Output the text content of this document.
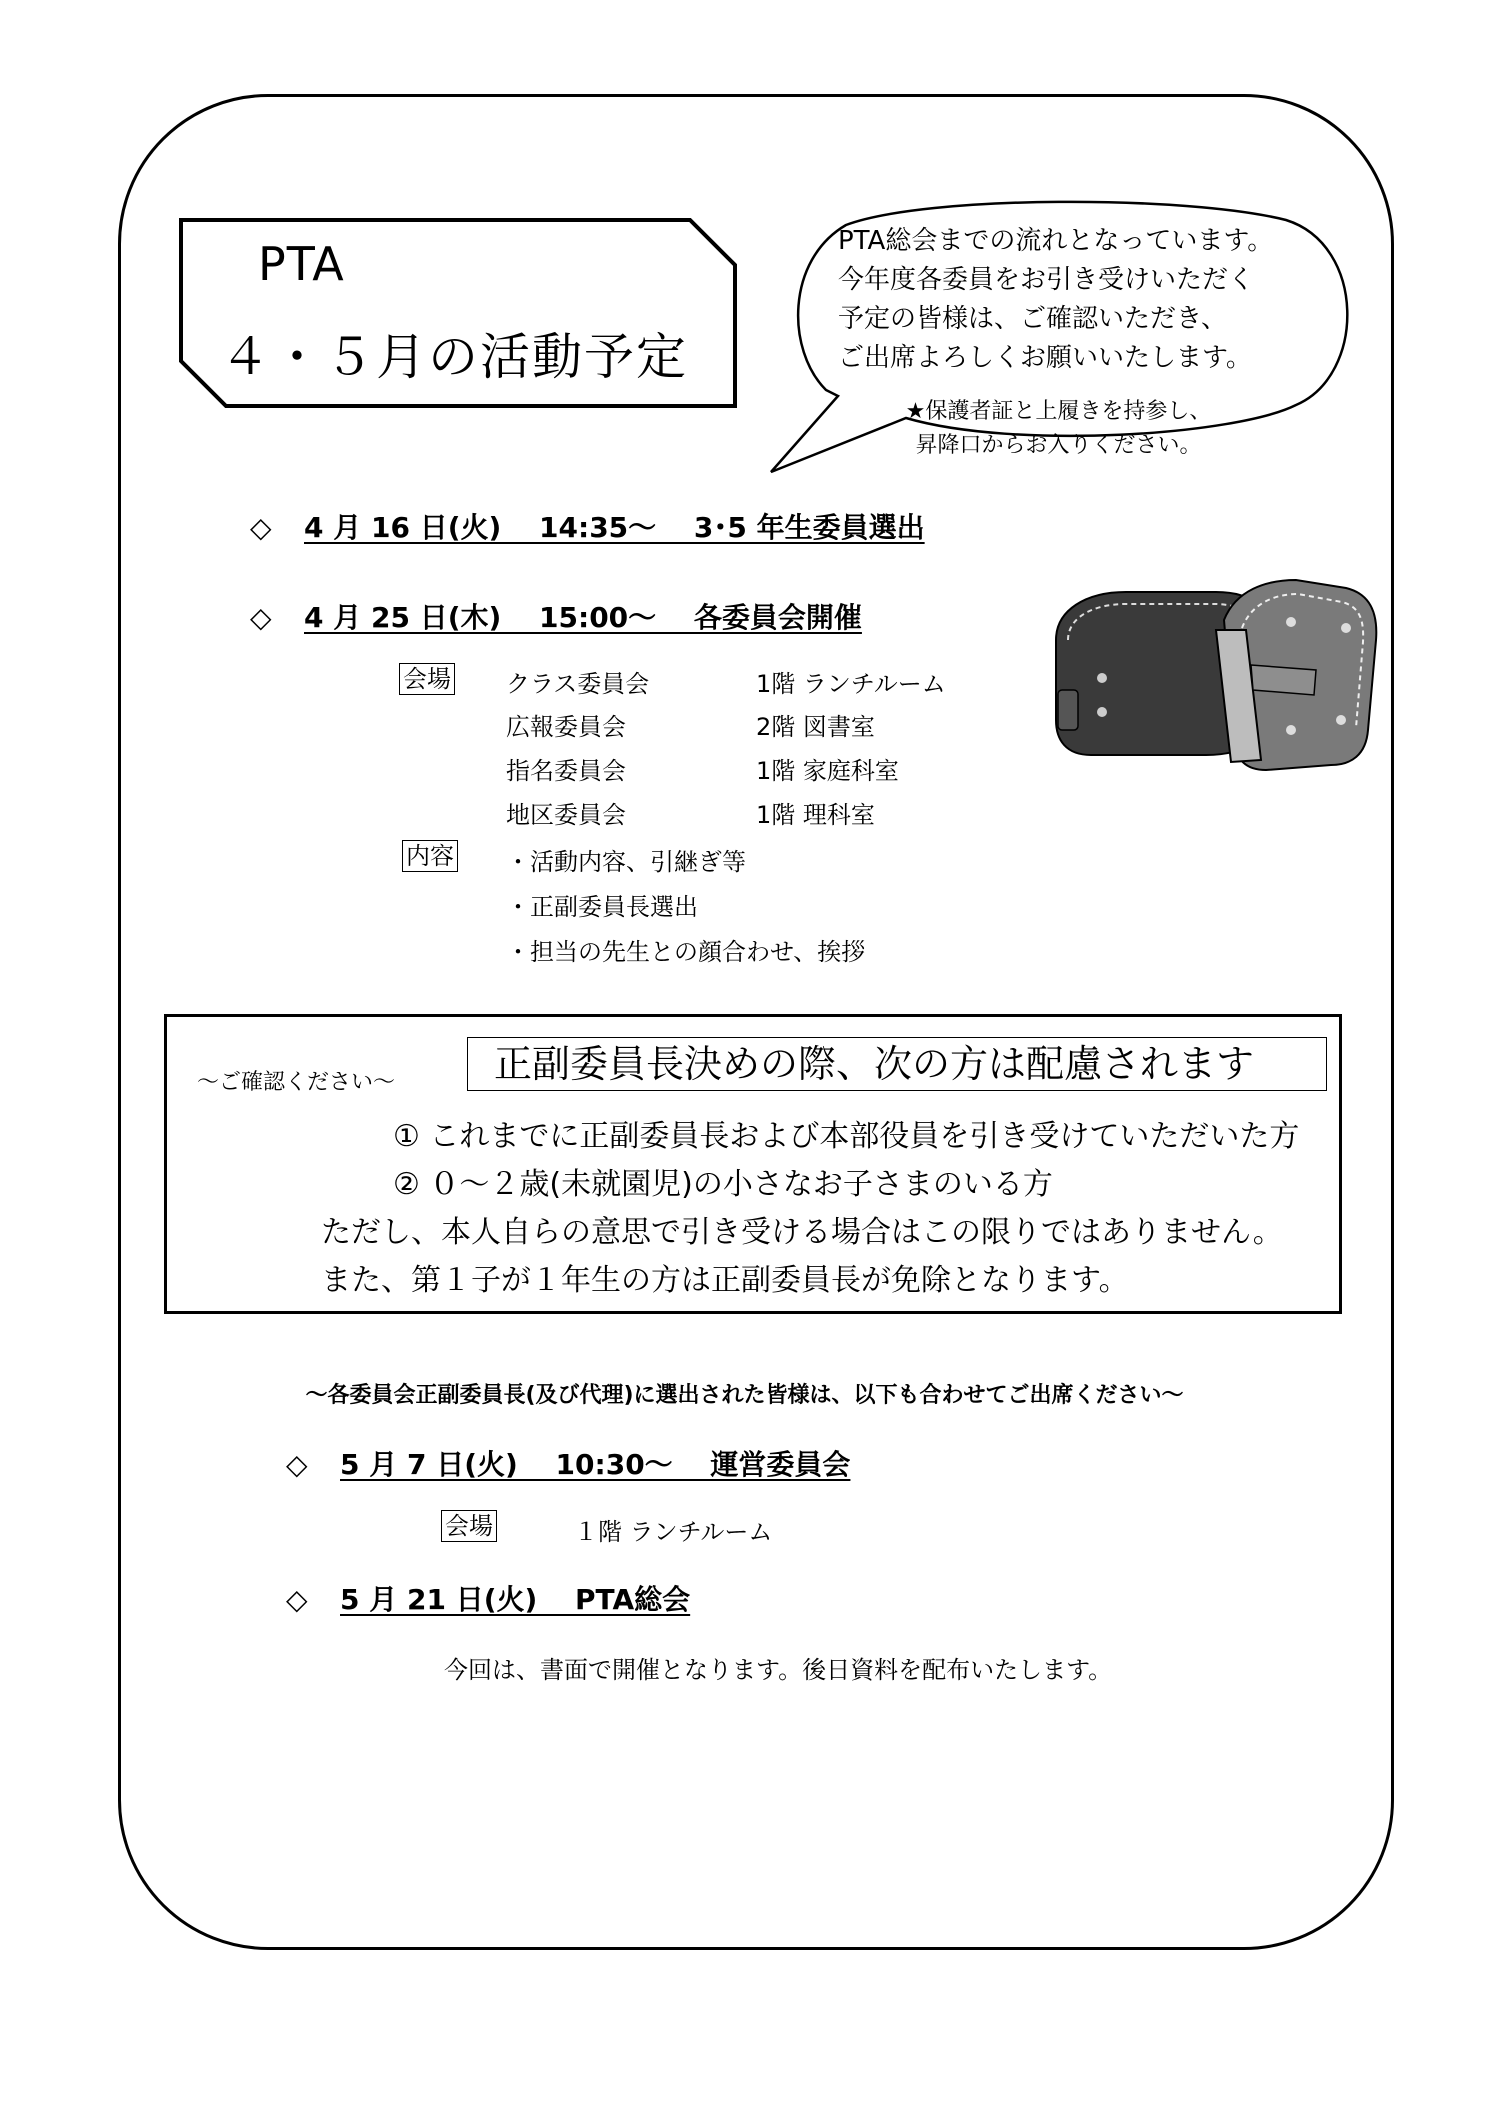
PTA
４・５月の活動予定
PTA総会までの流れとなっています。
今年度各委員をお引き受けいただく
予定の皆様は、ご確認いただき、
ご出席よろしくお願いいたします。
★保護者証と上履きを持参し、
昇降口からお入りください。
◇ 4 月 16 日(火)　 14:35～　 3･5 年生委員選出
◇ 4 月 25 日(木)　 15:00～　 各委員会開催
会場 クラス委員会	1階 ランチルーム
広報委員会	2階 図書室
指名委員会	1階 家庭科室
地区委員会	1階 理科室
内容 ・活動内容、引継ぎ等
・正副委員長選出
・担当の先生との顔合わせ、挨拶
～ご確認ください～	正副委員長決めの際、次の方は配慮されます
① これまでに正副委員長および本部役員を引き受けていただいた方
② ０～２歳(未就園児)の小さなお子さまのいる方
ただし、本人自らの意思で引き受ける場合はこの限りではありません。
また、第１子が１年生の方は正副委員長が免除となります。
～各委員会正副委員長(及び代理)に選出された皆様は、以下も合わせてご出席ください～
◇ 5 月 7 日(火)　 10:30～　 運営委員会
会場	１階 ランチルーム
◇ 5 月 21 日(火)　 PTA総会
今回は、書面で開催となります。後日資料を配布いたします。
